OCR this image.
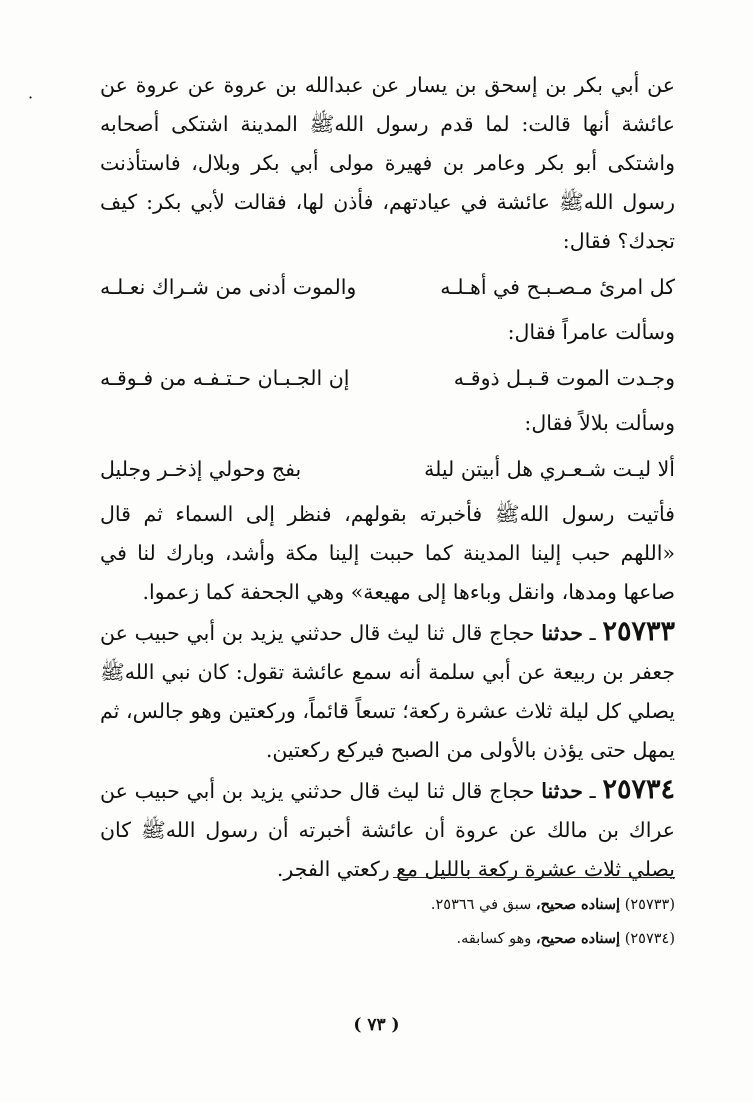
·

عن أبي بكر بن إسحق بن يسار عن عبدالله بن عروة عن عروة عن عائشة أنها قالت: لما قدم رسول اللهﷺ المدينة اشتكى أصحابه واشتكى أبو بكر وعامر بن فهيرة مولى أبي بكر وبلال، فاستأذنت رسول اللهﷺ عائشة في عيادتهم، فأذن لها، فقالت لأبي بكر: كيف تجدك؟ فقال:

كل امرئ مـصـبـح في أهـلـه
والموت أدنى من شـراك نعـلـه

وسألت عامراً فقال:

وجـدت الموت قـبـل ذوقـه
إن الجـبـان حـتـفـه من فـوقـه

وسألت بلالاً فقال:

ألا ليـت شـعـري هل أبيتن ليلة
بفج وحولي إذخـر وجليل

فأتيت رسول اللهﷺ فأخبرته بقولهم، فنظر إلى السماء ثم قال «اللهم حبب إلينا المدينة كما حببت إلينا مكة وأشد، وبارك لنا في صاعها ومدها، وانقل وباءها إلى مهيعة» وهي الجحفة كما زعموا.

٢٥٧٣٣ ـ حدثنا حجاج قال ثنا ليث قال حدثني يزيد بن أبي حبيب عن جعفر بن ربيعة عن أبي سلمة أنه سمع عائشة تقول: كان نبي اللهﷺ يصلي كل ليلة ثلاث عشرة ركعة؛ تسعاً قائماً، وركعتين وهو جالس، ثم يمهل حتى يؤذن بالأولى من الصبح فيركع ركعتين.

٢٥٧٣٤ ـ حدثنا حجاج قال ثنا ليث قال حدثني يزيد بن أبي حبيب عن عراك بن مالك عن عروة أن عائشة أخبرته أن رسول اللهﷺ كان يصلي ثلاث عشرة ركعة بالليل مع ركعتي الفجر.

(٢٥٧٣٣) إسناده صحيح، سبق في ٢٥٣٦٦.

(٢٥٧٣٤) إسناده صحيح، وهو كسابقه.

( ٧٣ )
